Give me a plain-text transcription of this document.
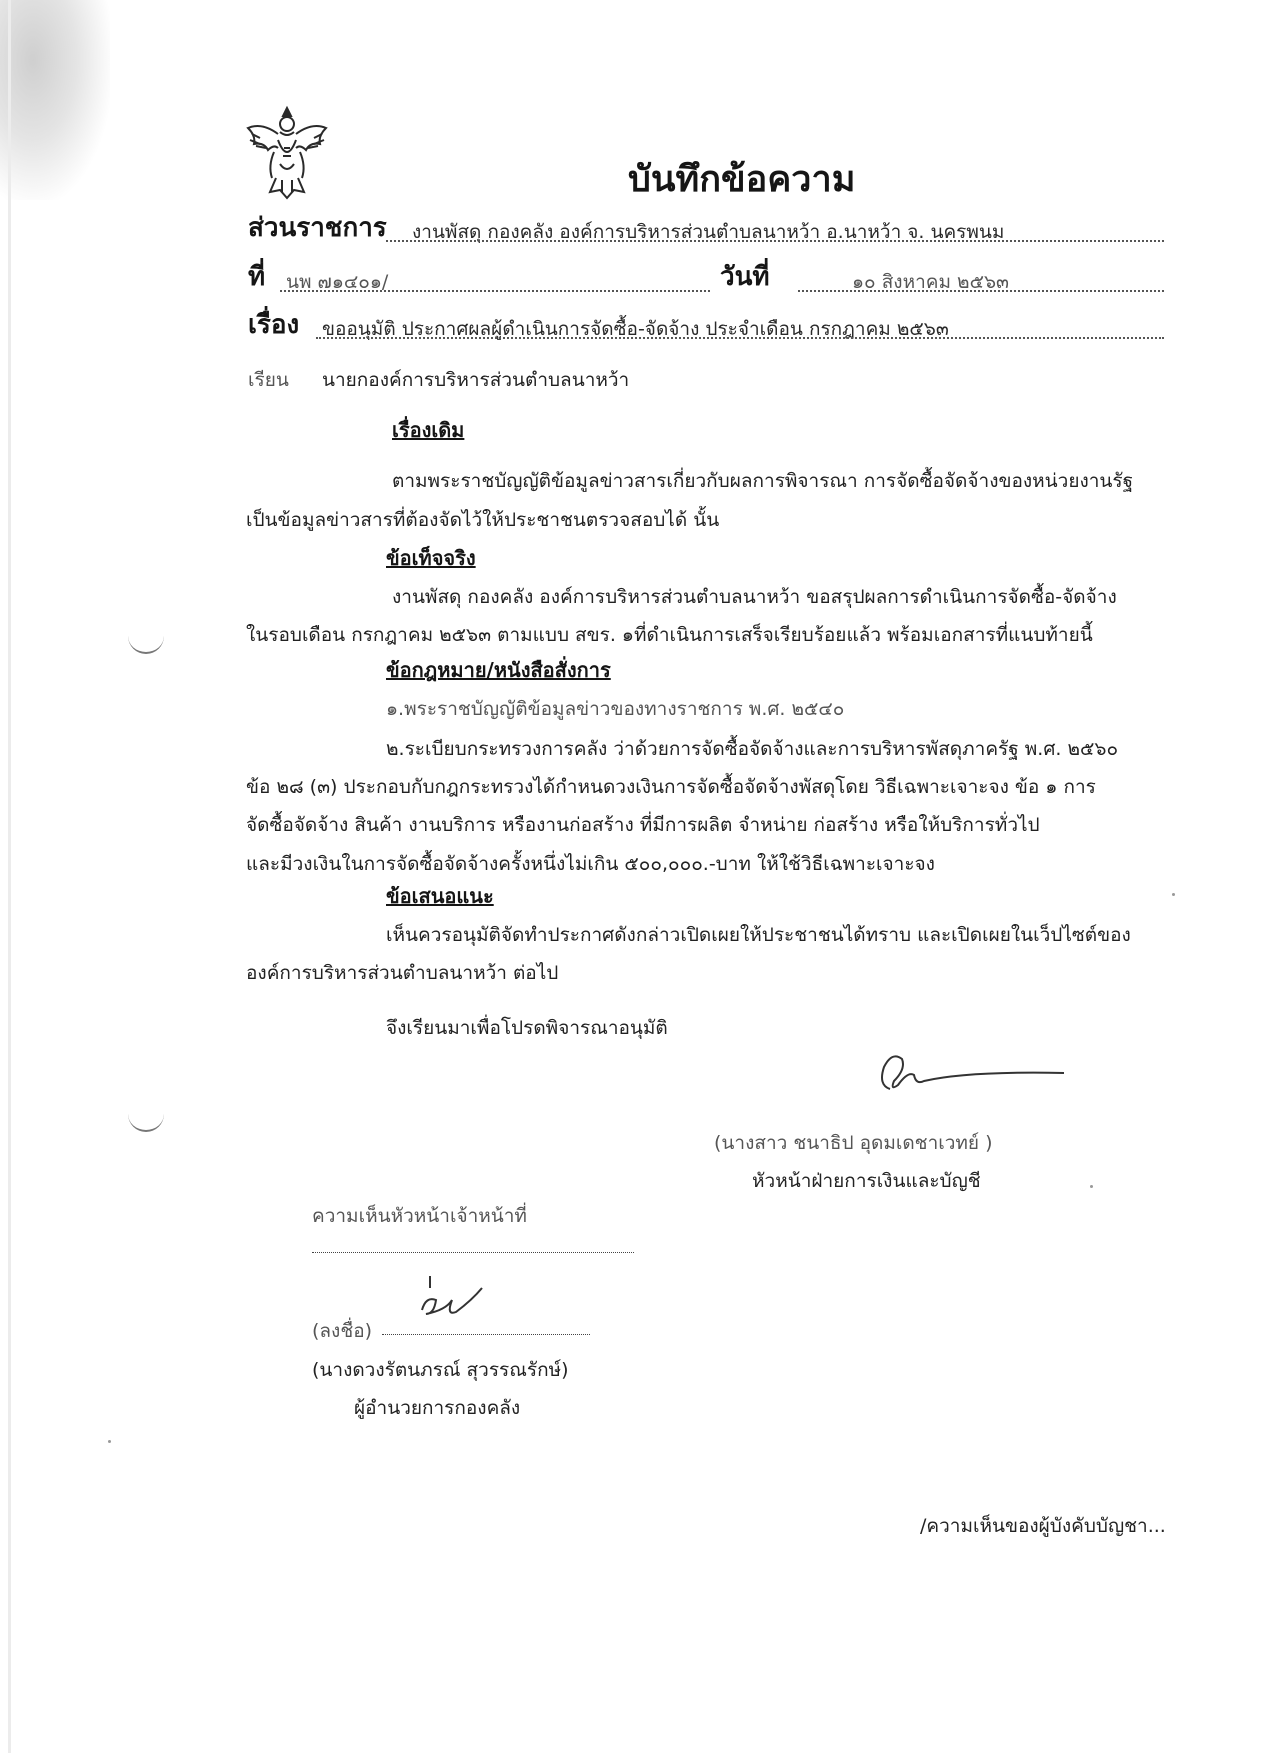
บันทึกข้อความ
ส่วนราชการ งานพัสดุ กองคลัง องค์การบริหารส่วนตำบลนาหว้า อ.นาหว้า จ. นครพนม
ที่ นพ ๗๑๔๐๑/	วันที่	๑๐ สิงหาคม ๒๕๖๓
เรื่อง ขออนุมัติ ประกาศผลผู้ดำเนินการจัดซื้อ-จัดจ้าง ประจำเดือน กรกฎาคม ๒๕๖๓
เรียน นายกองค์การบริหารส่วนตำบลนาหว้า
เรื่องเดิม
ตามพระราชบัญญัติข้อมูลข่าวสารเกี่ยวกับผลการพิจารณา การจัดซื้อจัดจ้างของหน่วยงานรัฐ
เป็นข้อมูลข่าวสารที่ต้องจัดไว้ให้ประชาชนตรวจสอบได้ นั้น
ข้อเท็จจริง
งานพัสดุ กองคลัง องค์การบริหารส่วนตำบลนาหว้า ขอสรุปผลการดำเนินการจัดซื้อ-จัดจ้าง
ในรอบเดือน กรกฎาคม ๒๕๖๓ ตามแบบ สขร. ๑ที่ดำเนินการเสร็จเรียบร้อยแล้ว พร้อมเอกสารที่แนบท้ายนี้
ข้อกฎหมาย/หนังสือสั่งการ
๑.พระราชบัญญัติข้อมูลข่าวของทางราชการ พ.ศ. ๒๕๔๐
๒.ระเบียบกระทรวงการคลัง ว่าด้วยการจัดซื้อจัดจ้างและการบริหารพัสดุภาครัฐ พ.ศ. ๒๕๖๐
ข้อ ๒๘ (๓) ประกอบกับกฎกระทรวงได้กำหนดวงเงินการจัดซื้อจัดจ้างพัสดุโดย วิธีเฉพาะเจาะจง ข้อ ๑ การ
จัดซื้อจัดจ้าง สินค้า งานบริการ หรืองานก่อสร้าง ที่มีการผลิต จำหน่าย ก่อสร้าง หรือให้บริการทั่วไป
และมีวงเงินในการจัดซื้อจัดจ้างครั้งหนึ่งไม่เกิน ๕๐๐,๐๐๐.-บาท ให้ใช้วิธีเฉพาะเจาะจง
ข้อเสนอแนะ
เห็นควรอนุมัติจัดทำประกาศดังกล่าวเปิดเผยให้ประชาชนได้ทราบ และเปิดเผยในเว็ปไซต์ของ
องค์การบริหารส่วนตำบลนาหว้า ต่อไป
จึงเรียนมาเพื่อโปรดพิจารณาอนุมัติ
(นางสาว ชนาธิป อุดมเดชาเวทย์ )
หัวหน้าฝ่ายการเงินและบัญชี
ความเห็นหัวหน้าเจ้าหน้าที่
(ลงชื่อ)
(นางดวงรัตนภรณ์ สุวรรณรักษ์)
ผู้อำนวยการกองคลัง
/ความเห็นของผู้บังคับบัญชา...
